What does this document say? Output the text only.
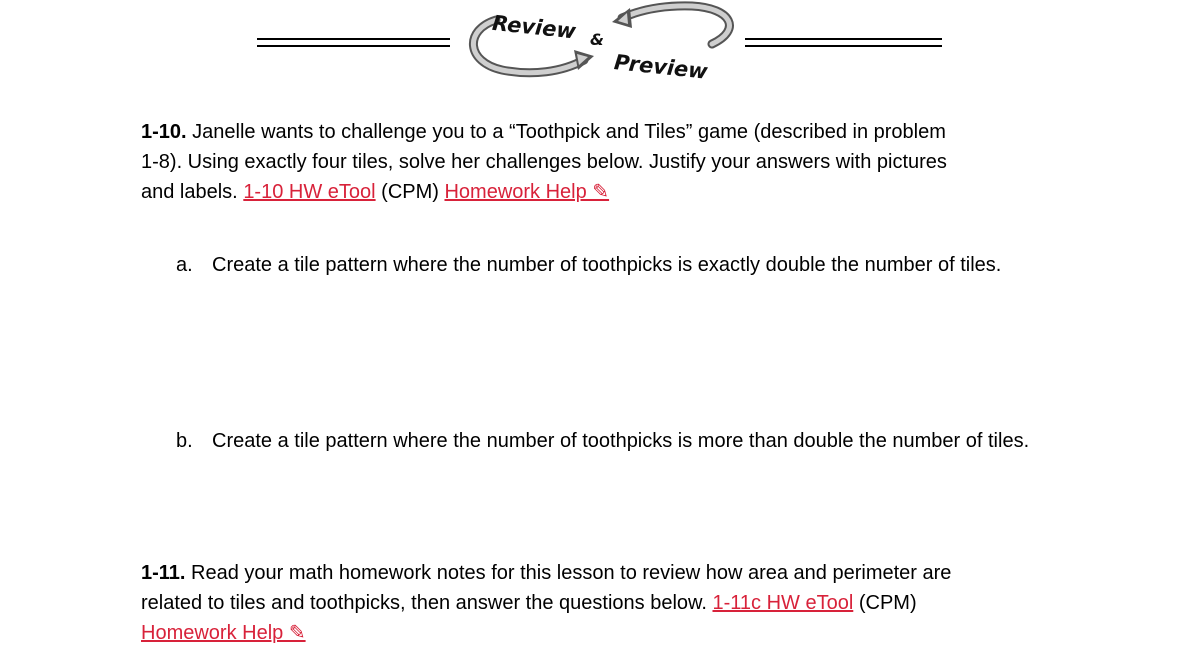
Review &
Preview

1-10. Janelle wants to challenge you to a “Toothpick and Tiles” game (described in problem
1-8). Using exactly four tiles, solve her challenges below. Justify your answers with pictures
and labels. 1-10 HW eTool (CPM) Homework Help ✎

a. Create a tile pattern where the number of toothpicks is exactly double the number of tiles.
b. Create a tile pattern where the number of toothpicks is more than double the number of tiles.

1-11. Read your math homework notes for this lesson to review how area and perimeter are
related to tiles and toothpicks, then answer the questions below. 1-11c HW eTool (CPM)
Homework Help ✎
